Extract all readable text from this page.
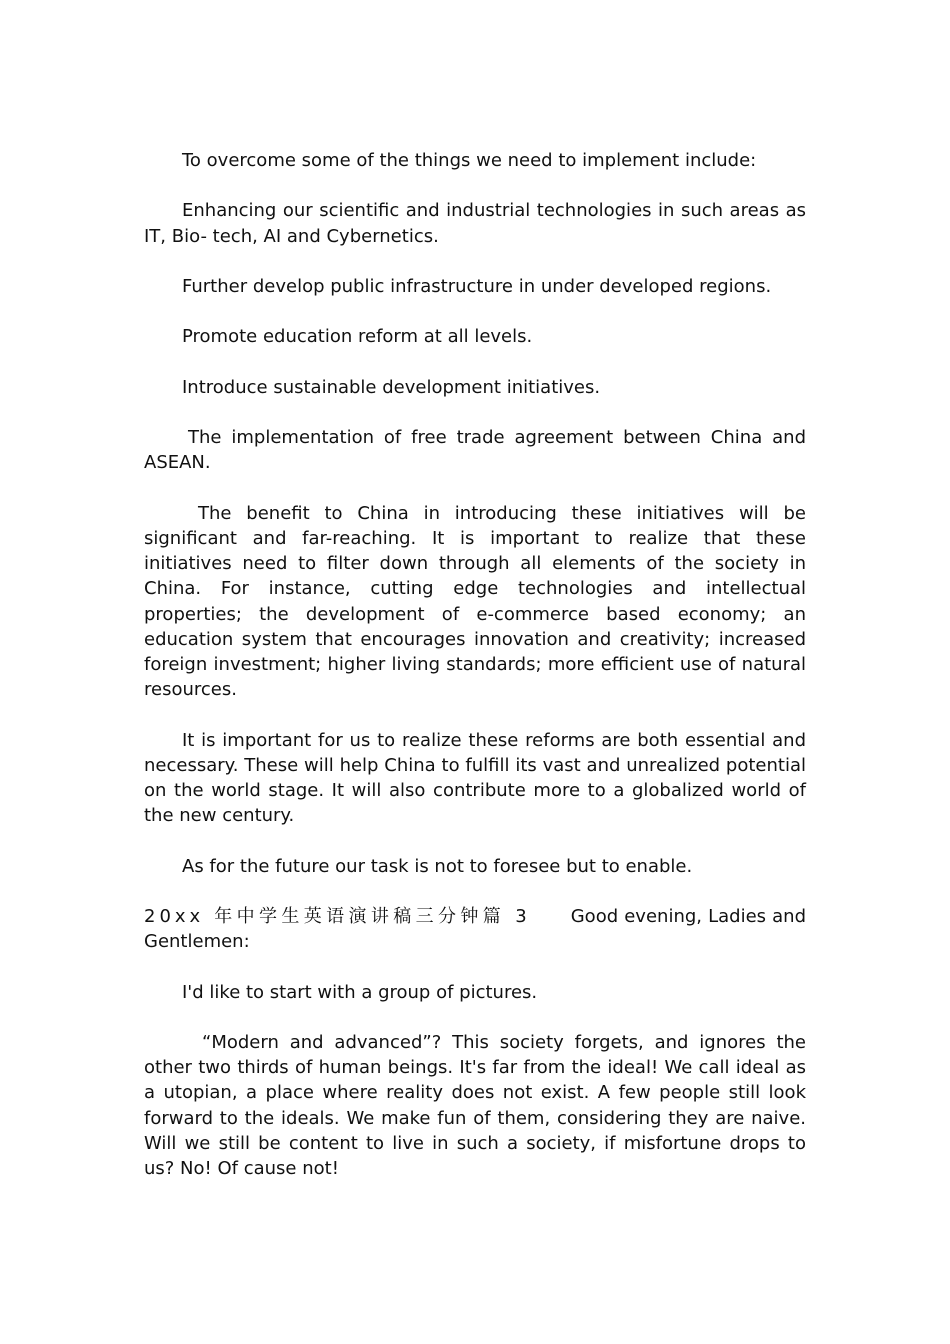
To overcome some of the things we need to implement include:

Enhancing our scientific and industrial technologies in such areas as IT, Bio- tech, AI and Cybernetics.

Further develop public infrastructure in under developed regions.

Promote education reform at all levels.

Introduce sustainable development initiatives.

The implementation of free trade agreement between China and ASEAN.

The benefit to China in introducing these initiatives will be significant and far-reaching. It is important to realize that these initiatives need to filter down through all elements of the society in China. For instance, cutting edge technologies and intellectual properties; the development of e-commerce based economy; an education system that encourages innovation and creativity; increased foreign investment; higher living standards; more efficient use of natural resources.

It is important for us to realize these reforms are both essential and necessary. These will help China to fulfill its vast and unrealized potential on the world stage. It will also contribute more to a globalized world of the new century.

As for the future our task is not to foresee but to enable.

20xx 年中学生英语演讲稿三分钟篇 3 Good evening, Ladies and Gentlemen:

I'd like to start with a group of pictures.

“Modern and advanced”? This society forgets, and ignores the other two thirds of human beings. It's far from the ideal! We call ideal as a utopian, a place where reality does not exist. A few people still look forward to the ideals. We make fun of them, considering they are naive. Will we still be content to live in such a society, if misfortune drops to us? No! Of cause not!
